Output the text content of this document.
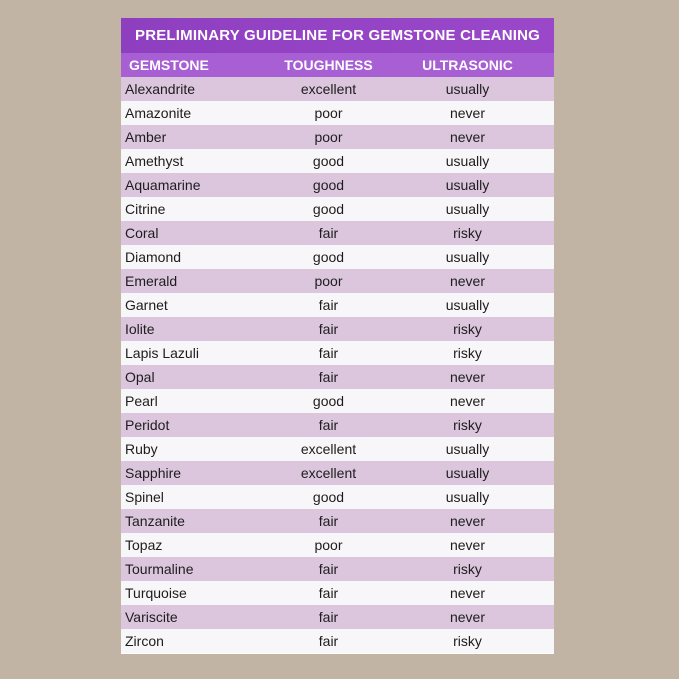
PRELIMINARY GUIDELINE FOR GEMSTONE CLEANING
GEMSTONE	TOUGHNESS	ULTRASONIC
Alexandrite	excellent	usually
Amazonite	poor	never
Amber	poor	never
Amethyst	good	usually
Aquamarine	good	usually
Citrine	good	usually
Coral	fair	risky
Diamond	good	usually
Emerald	poor	never
Garnet	fair	usually
Iolite	fair	risky
Lapis Lazuli	fair	risky
Opal	fair	never
Pearl	good	never
Peridot	fair	risky
Ruby	excellent	usually
Sapphire	excellent	usually
Spinel	good	usually
Tanzanite	fair	never
Topaz	poor	never
Tourmaline	fair	risky
Turquoise	fair	never
Variscite	fair	never
Zircon	fair	risky
